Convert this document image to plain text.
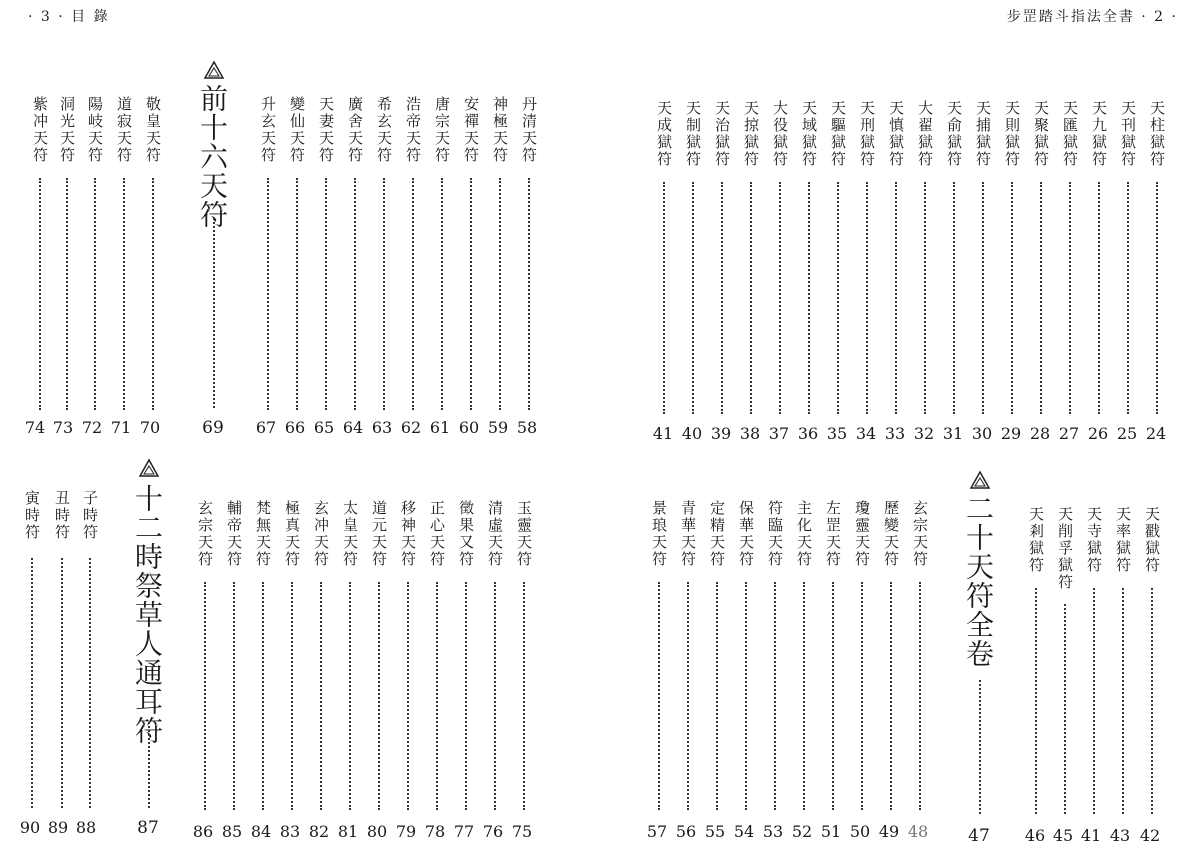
· 3 · 目 錄	步罡踏斗指法全書 · 2 ·
紫冲天符
74
洞光天符
73
陽岐天符
72
道寂天符
71
敬皇天符
70
前十六天符
69
升玄天符
67
變仙天符
66
天妻天符
65
廣舍天符
64
希玄天符
63
浩帝天符
62
唐宗天符
61
安禪天符
60
神極天符
59
丹清天符
58
天成獄符
41
天制獄符
40
天治獄符
39
天掠獄符
38
大役獄符
37
天域獄符
36
天驅獄符
35
天刑獄符
34
天慎獄符
33
大翟獄符
32
天俞獄符
31
天捕獄符
30
天則獄符
29
天聚獄符
28
天匯獄符
27
天九獄符
26
天刊獄符
25
天柱獄符
24
寅時符
90
丑時符
89
子時符
88
十二時祭草人通耳符
87
玄宗天符
86
輔帝天符
85
梵無天符
84
極真天符
83
玄冲天符
82
太皇天符
81
道元天符
80
移神天符
79
正心天符
78
徵果又符
77
清虛天符
76
玉靈天符
75
景琅天符
57
青華天符
56
定精天符
55
保華天符
54
符臨天符
53
主化天符
52
左罡天符
51
瓊靈天符
50
歷變天符
49
玄宗天符
48
二十天符全卷
47
天剎獄符
46
天削孚獄符
45
天寺獄符
41
天率獄符
43
天戳獄符
42
